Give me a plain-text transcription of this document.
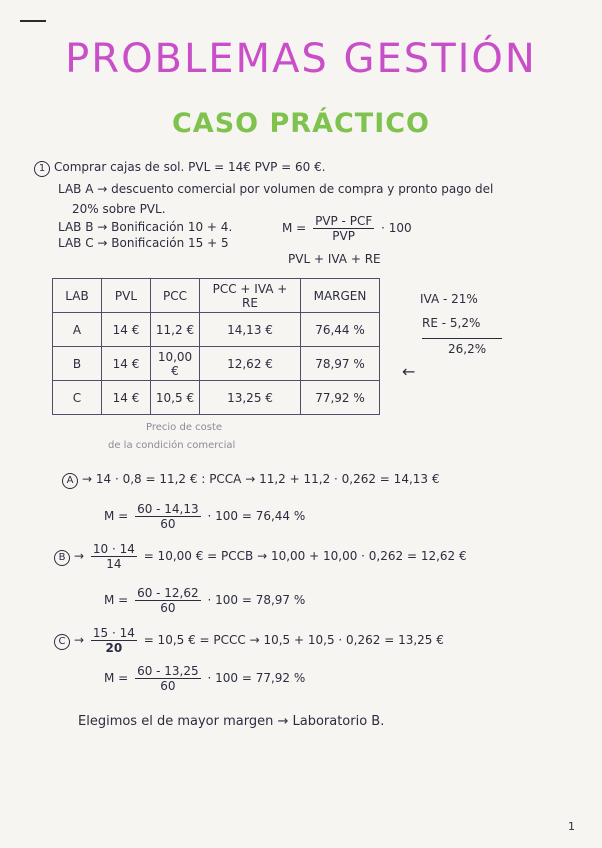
PROBLEMAS GESTIÓN
CASO PRÁCTICO
1 Comprar cajas de sol. PVL = 14€ PVP = 60 €.
LAB A → descuento comercial por volumen de compra y pronto pago del
20% sobre PVL.
LAB B → Bonificación 10 + 4.
LAB C → Bonificación 15 + 5
$M = \frac{\text{PVP - PCF}}{\text{PVP}} \cdot 100$
PVL + IVA + RE
LAB	PVL	PCC	PCC + IVA + RE	MARGEN
A	14 €	11,2 €	14,13 €	76,44 %
B	14 €	10,00 €	12,62 €	78,97 %
C	14 €	10,5 €	13,25 €	77,92 %
←
IVA - 21%
RE - 5,2%
26,2%
Precio de coste
de la condición comercial
A → 14 · 0,8 = 11,2 € : PCCA → 11,2 + 11,2 · 0,262 = 14,13 €
$M = \frac{60 - 14,13}{60} \cdot 100 = 76,44$ %
$B \to \frac{10 \cdot 14}{14} = 10,00$ € = PCCB → 10,00 + 10,00 · 0,262 = 12,62 €
$M = \frac{60 - 12,62}{60} \cdot 100 = 78,97$ %
$C \to \frac{15 \cdot 14}{20} = 10,5$ € = PCCC → 10,5 + 10,5 · 0,262 = 13,25 €
$M = \frac{60 - 13,25}{60} \cdot 100 = 77,92$ %
Elegimos el de mayor margen → Laboratorio B.
1
